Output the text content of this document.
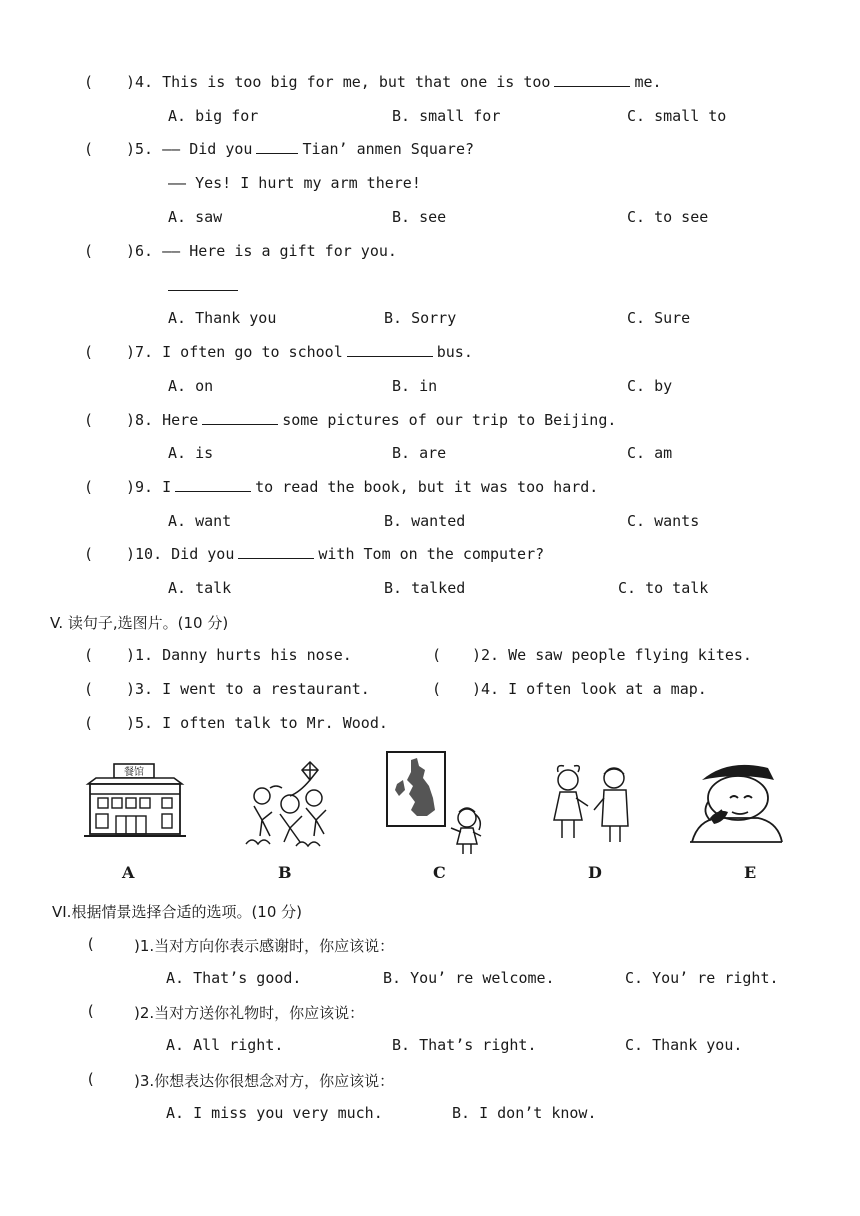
( )4. This is too big for me, but that one is too	me.
A. big for	B. small for	C. small to
( )5. —— Did you	Tian’ anmen Square?
—— Yes! I hurt my arm there!
A. saw	B. see	C. to see
( )6. —— Here is a gift for you.
A. Thank you	B. Sorry	C. Sure
( )7. I often go to school	bus.
A. on	B. in	C. by
( )8. Here	some pictures of our trip to Beijing.
A. is	B. are	C. am
( )9. I	to read the book, but it was too hard.
A. want	B. wanted	C. wants
( )10. Did you	with Tom on the computer?
A. talk	B. talked	C. to talk
V. 读句子,选图片。(10 分)
( )1. Danny hurts his nose.	( )2. We saw people flying kites.
( )3. I went to a restaurant.	( )4. I often look at a map.
( )5. I often talk to Mr. Wood.
餐馆
A	B	C	D	E
VI.根据情景选择合适的选项。(10 分)
(	)1.当对方向你表示感谢时，你应该说：
A. That’s good.	B. You’ re welcome.	C. You’ re right.
(	)2.当对方送你礼物时，你应该说：
A. All right.	B. That’s right.	C. Thank you.
(	)3.你想表达你很想念对方，你应该说：
A. I miss you very much.	B. I don’t know.
